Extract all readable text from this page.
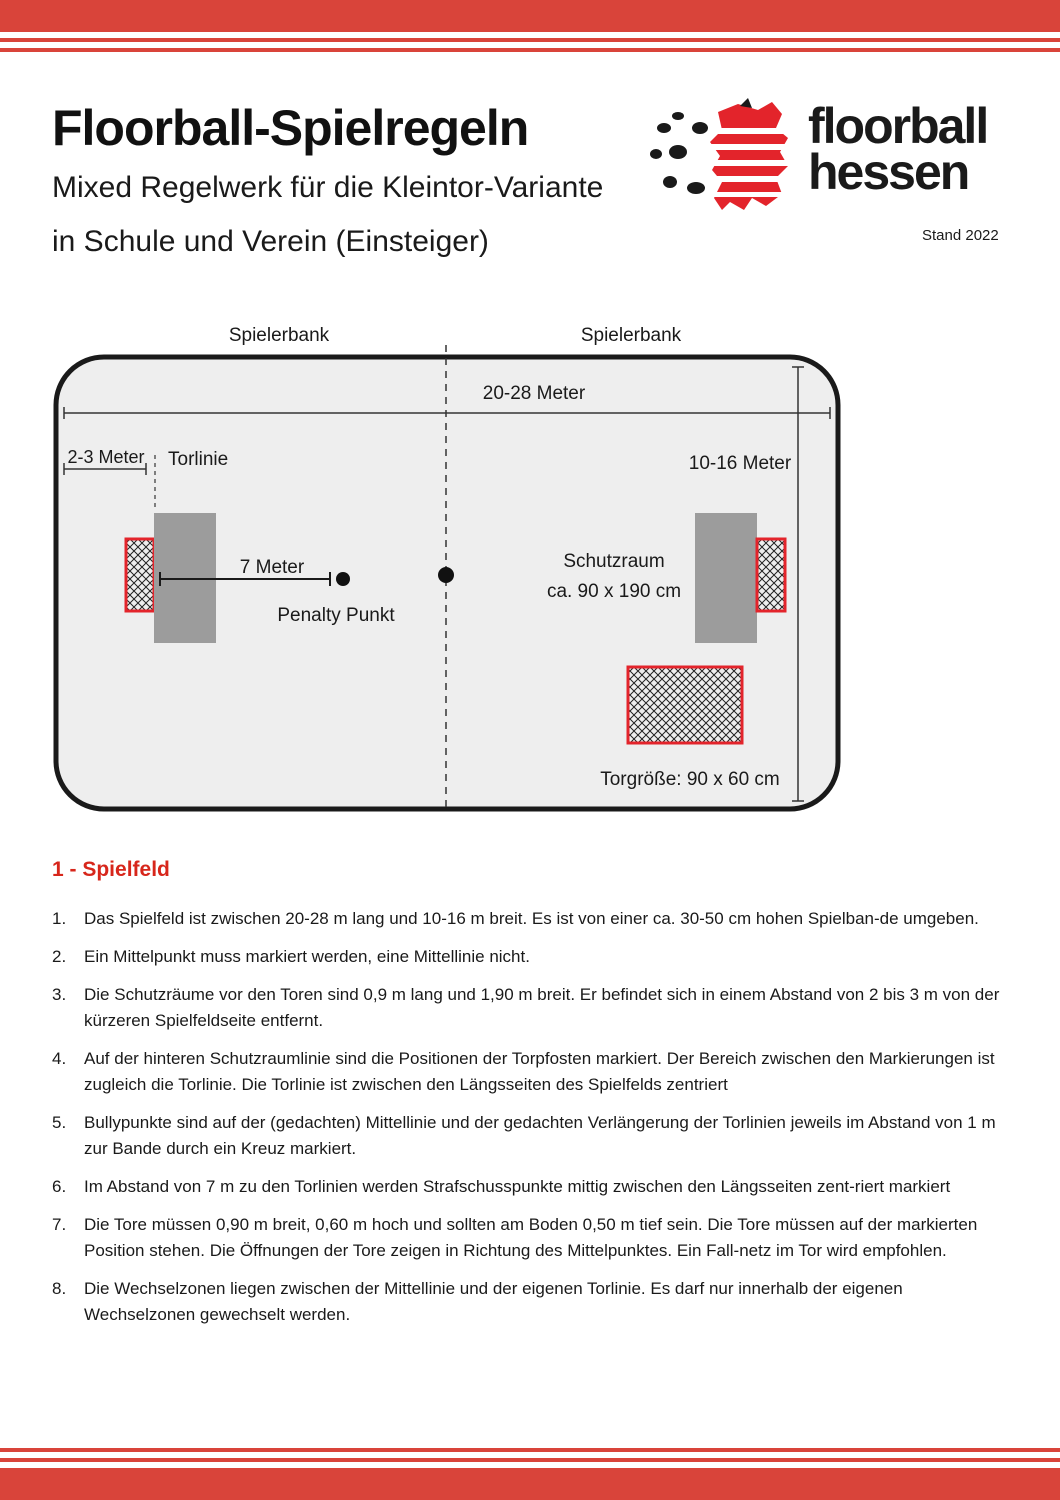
Floorball-Spielregeln

Mixed Regelwerk für die Kleintor-Variante

in Schule und Verein (Einsteiger)	Stand 2022
floorball
hessen
Spielerbank	Spielerbank
20-28 Meter
10-16 Meter
2-3 Meter Torlinie
7 Meter
Penalty Punkt
Schutzraum
ca. 90 x 190 cm
Torgröße: 90 x 60 cm
1 - Spielfeld
1. Das Spielfeld ist zwischen 20-28 m lang und 10-16 m breit. Es ist von einer ca. 30-50 cm hohen Spielban-de umgeben.
2. Ein Mittelpunkt muss markiert werden, eine Mittellinie nicht.
3. Die Schutzräume vor den Toren sind 0,9 m lang und 1,90 m breit. Er befindet sich in einem Abstand von 2 bis 3 m von der kürzeren Spielfeldseite entfernt.
4. Auf der hinteren Schutzraumlinie sind die Positionen der Torpfosten markiert. Der Bereich zwischen den Markierungen ist zugleich die Torlinie. Die Torlinie ist zwischen den Längsseiten des Spielfelds zentriert
5. Bullypunkte sind auf der (gedachten) Mittellinie und der gedachten Verlängerung der Torlinien jeweils im Abstand von 1 m zur Bande durch ein Kreuz markiert.
6. Im Abstand von 7 m zu den Torlinien werden Strafschusspunkte mittig zwischen den Längsseiten zent-riert markiert
7. Die Tore müssen 0,90 m breit, 0,60 m hoch und sollten am Boden 0,50 m tief sein. Die Tore müssen auf der markierten Position stehen. Die Öffnungen der Tore zeigen in Richtung des Mittelpunktes. Ein Fall-netz im Tor wird empfohlen.
8. Die Wechselzonen liegen zwischen der Mittellinie und der eigenen Torlinie. Es darf nur innerhalb der eigenen Wechselzonen gewechselt werden.
